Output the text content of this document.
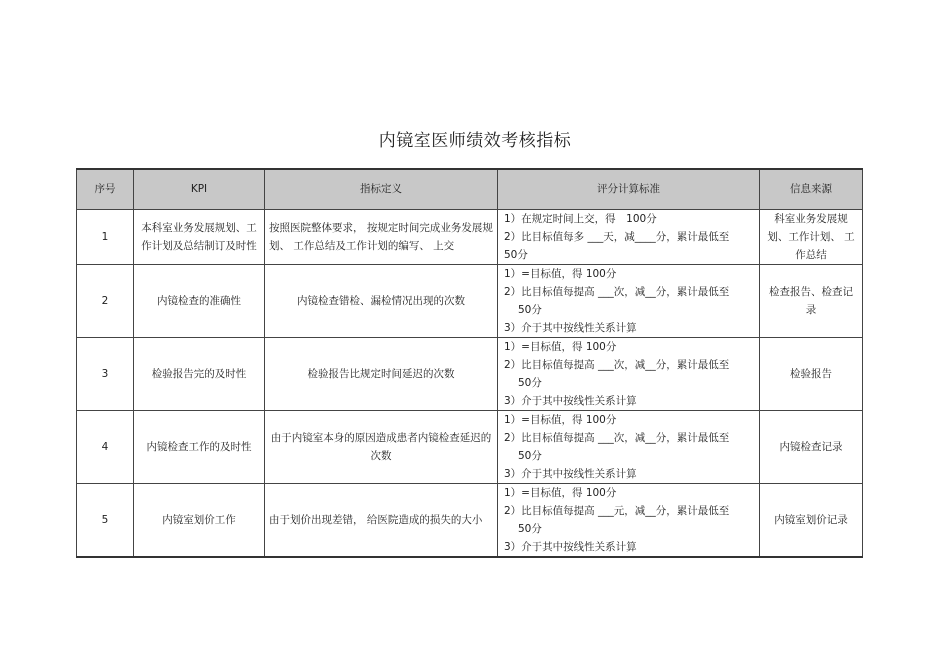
内镜室医师绩效考核指标
序号	KPI	指标定义	评分计算标准	信息来源
1	本科室业务发展规划、工作计划及总结制订及时性	按照医院整体要求， 按规定时间完成业务发展规划、 工作总结及工作计划的编写、 上交	1）在规定时间上交，得　100分
2）比目标值每多 ___天，减____分，累计最低至
50分	科室业务发展规划、工作计划、 工作总结
2	内镜检查的准确性	内镜检查错检、漏检情况出现的次数	1）=目标值，得 100分
2）比目标值每提高 ___次，减__分，累计最低至
50分
3）介于其中按线性关系计算	检查报告、检查记录
3	检验报告完的及时性	检验报告比规定时间延迟的次数	1）=目标值，得 100分
2）比目标值每提高 ___次，减__分，累计最低至
50分
3）介于其中按线性关系计算	检验报告
4	内镜检查工作的及时性	由于内镜室本身的原因造成患者内镜检查延迟的次数	1）=目标值，得 100分
2）比目标值每提高 ___次，减__分，累计最低至
50分
3）介于其中按线性关系计算	内镜检查记录
5	内镜室划价工作	由于划价出现差错， 给医院造成的损失的大小	1）=目标值，得 100分
2）比目标值每提高 ___元，减__分，累计最低至
50分
3）介于其中按线性关系计算	内镜室划价记录
